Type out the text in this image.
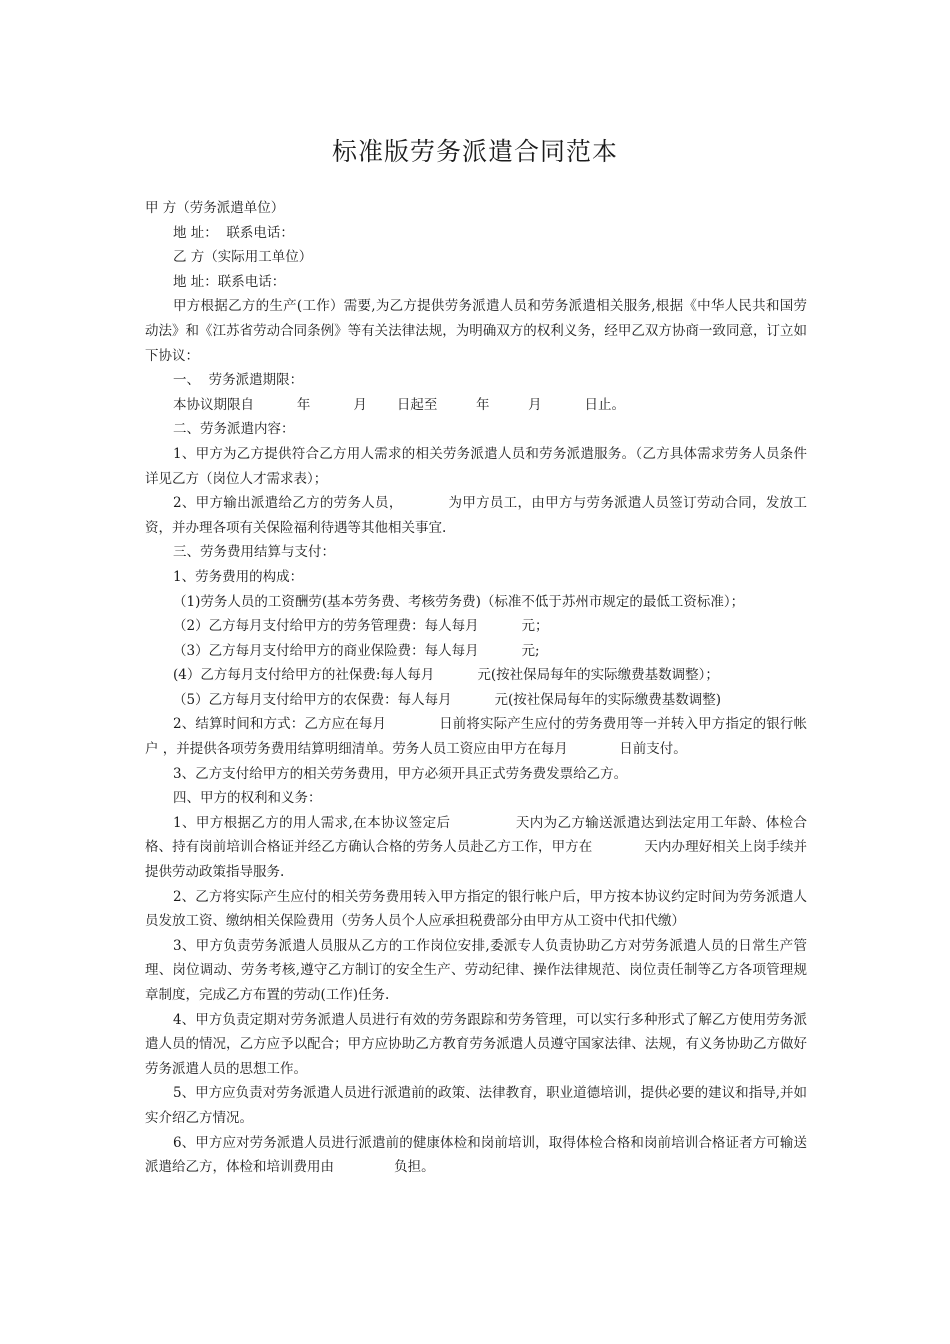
标准版劳务派遣合同范本

甲 方（劳务派遣单位）

地 址：  联系电话：

乙 方（实际用工单位）

地 址：联系电话：

甲方根据乙方的生产(工作）需要,为乙方提供劳务派遣人员和劳务派遣相关服务,根据《中华人民共和国劳动法》和《江苏省劳动合同条例》等有关法律法规，为明确双方的权利义务，经甲乙双方协商一致同意，订立如下协议：

一、  劳务派遣期限：

本协议期限自          年          月       日起至         年         月          日止。

二、劳务派遣内容：

1、甲方为乙方提供符合乙方用人需求的相关劳务派遣人员和劳务派遣服务。（乙方具体需求劳务人员条件详见乙方（岗位人才需求表）；

2、甲方输出派遣给乙方的劳务人员，          为甲方员工，由甲方与劳务派遣人员签订劳动合同，发放工资，并办理各项有关保险福利待遇等其他相关事宜.

三、劳务费用结算与支付：

1、劳务费用的构成：

（1)劳务人员的工资酬劳(基本劳务费、考核劳务费)（标准不低于苏州市规定的最低工资标准）；

（2）乙方每月支付给甲方的劳务管理费：每人每月          元；

（3）乙方每月支付给甲方的商业保险费：每人每月          元;

(4）乙方每月支付给甲方的社保费:每人每月          元(按社保局每年的实际缴费基数调整）；

（5）乙方每月支付给甲方的农保费：每人每月          元(按社保局每年的实际缴费基数调整)

2、结算时间和方式：乙方应在每月            日前将实际产生应付的劳务费用等一并转入甲方指定的银行帐户 ，并提供各项劳务费用结算明细清单。劳务人员工资应由甲方在每月            日前支付。

3、乙方支付给甲方的相关劳务费用，甲方必须开具正式劳务费发票给乙方。

四、甲方的权利和义务：

1、甲方根据乙方的用人需求,在本协议签定后              天内为乙方输送派遣达到法定用工年龄、体检合格、持有岗前培训合格证并经乙方确认合格的劳务人员赴乙方工作，甲方在            天内办理好相关上岗手续并提供劳动政策指导服务.

2、乙方将实际产生应付的相关劳务费用转入甲方指定的银行帐户后，甲方按本协议约定时间为劳务派遣人员发放工资、缴纳相关保险费用（劳务人员个人应承担税费部分由甲方从工资中代扣代缴）

3、甲方负责劳务派遣人员服从乙方的工作岗位安排,委派专人负责协助乙方对劳务派遣人员的日常生产管理、岗位调动、劳务考核,遵守乙方制订的安全生产、劳动纪律、操作法律规范、岗位责任制等乙方各项管理规章制度，完成乙方布置的劳动(工作)任务.

4、甲方负责定期对劳务派遣人员进行有效的劳务跟踪和劳务管理，可以实行多种形式了解乙方使用劳务派遣人员的情况，乙方应予以配合；甲方应协助乙方教育劳务派遣人员遵守国家法律、法规，有义务协助乙方做好劳务派遣人员的思想工作。

5、甲方应负责对劳务派遣人员进行派遣前的政策、法律教育，职业道德培训，提供必要的建议和指导,并如实介绍乙方情况。

6、甲方应对劳务派遣人员进行派遣前的健康体检和岗前培训，取得体检合格和岗前培训合格证者方可输送派遣给乙方，体检和培训费用由              负担。
